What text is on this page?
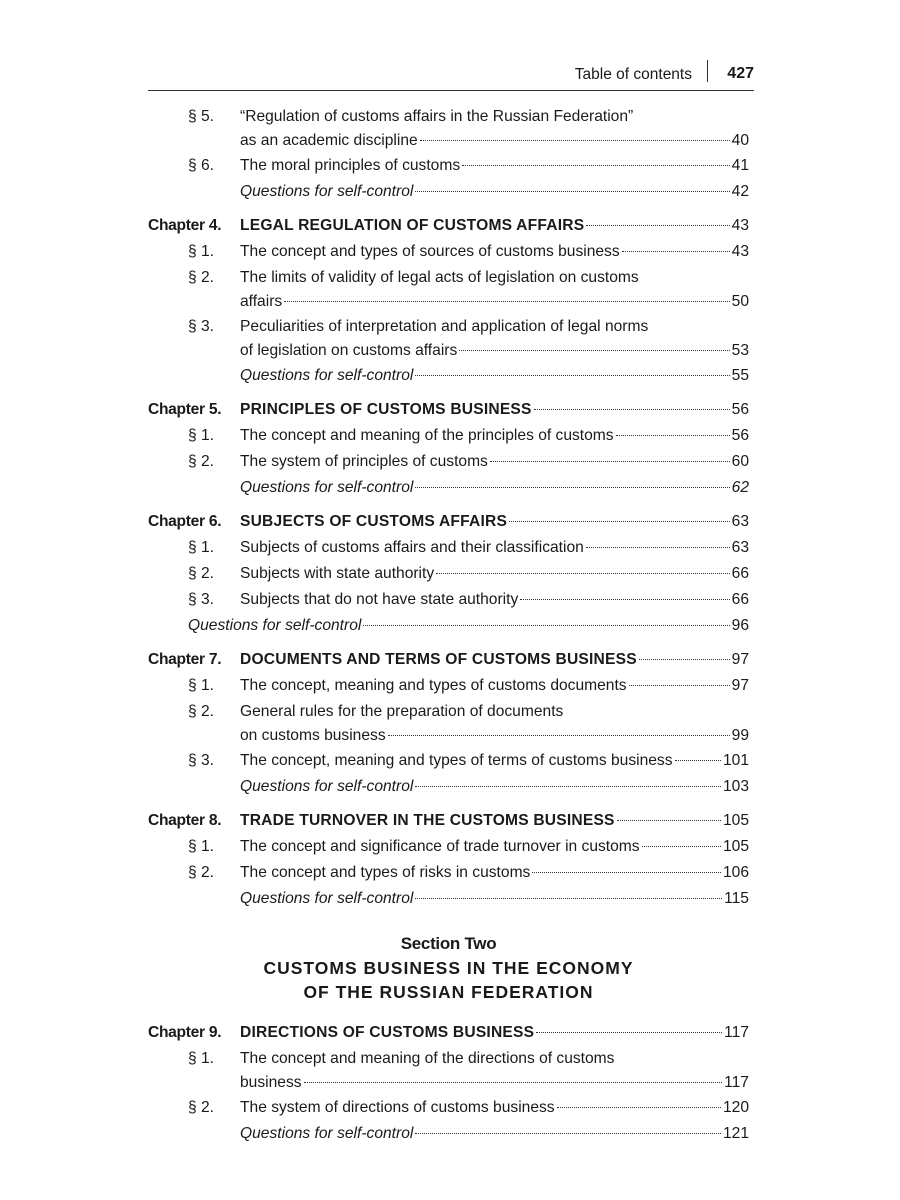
Table of contents 427
§ 5. “Regulation of customs affairs in the Russian Federation”
as an academic discipline	40
§ 6. The moral principles of customs	41
Questions for self-control	42
Chapter 4. LEGAL REGULATION OF CUSTOMS AFFAIRS	43
§ 1. The concept and types of sources of customs business	43
§ 2. The limits of validity of legal acts of legislation on customs
affairs	50
§ 3. Peculiarities of interpretation and application of legal norms
of legislation on customs affairs	53
Questions for self-control	55
Chapter 5. PRINCIPLES OF CUSTOMS BUSINESS	56
§ 1. The concept and meaning of the principles of customs	56
§ 2. The system of principles of customs	60
Questions for self-control	62
Chapter 6. SUBJECTS OF CUSTOMS AFFAIRS	63
§ 1. Subjects of customs affairs and their classification	63
§ 2. Subjects with state authority	66
§ 3. Subjects that do not have state authority	66
Questions for self-control	96
Chapter 7. DOCUMENTS AND TERMS OF CUSTOMS BUSINESS	97
§ 1. The concept, meaning and types of customs documents	97
§ 2. General rules for the preparation of documents
on customs business	99
§ 3. The concept, meaning and types of terms of customs business	101
Questions for self-control	103
Chapter 8. TRADE TURNOVER IN THE CUSTOMS BUSINESS	105
§ 1. The concept and significance of trade turnover in customs	105
§ 2. The concept and types of risks in customs	106
Questions for self-control	115
Section Two
CUSTOMS BUSINESS IN THE ECONOMY
OF THE RUSSIAN FEDERATION
Chapter 9. DIRECTIONS OF CUSTOMS BUSINESS	117
§ 1. The concept and meaning of the directions of customs
business	117
§ 2. The system of directions of customs business	120
Questions for self-control	121
